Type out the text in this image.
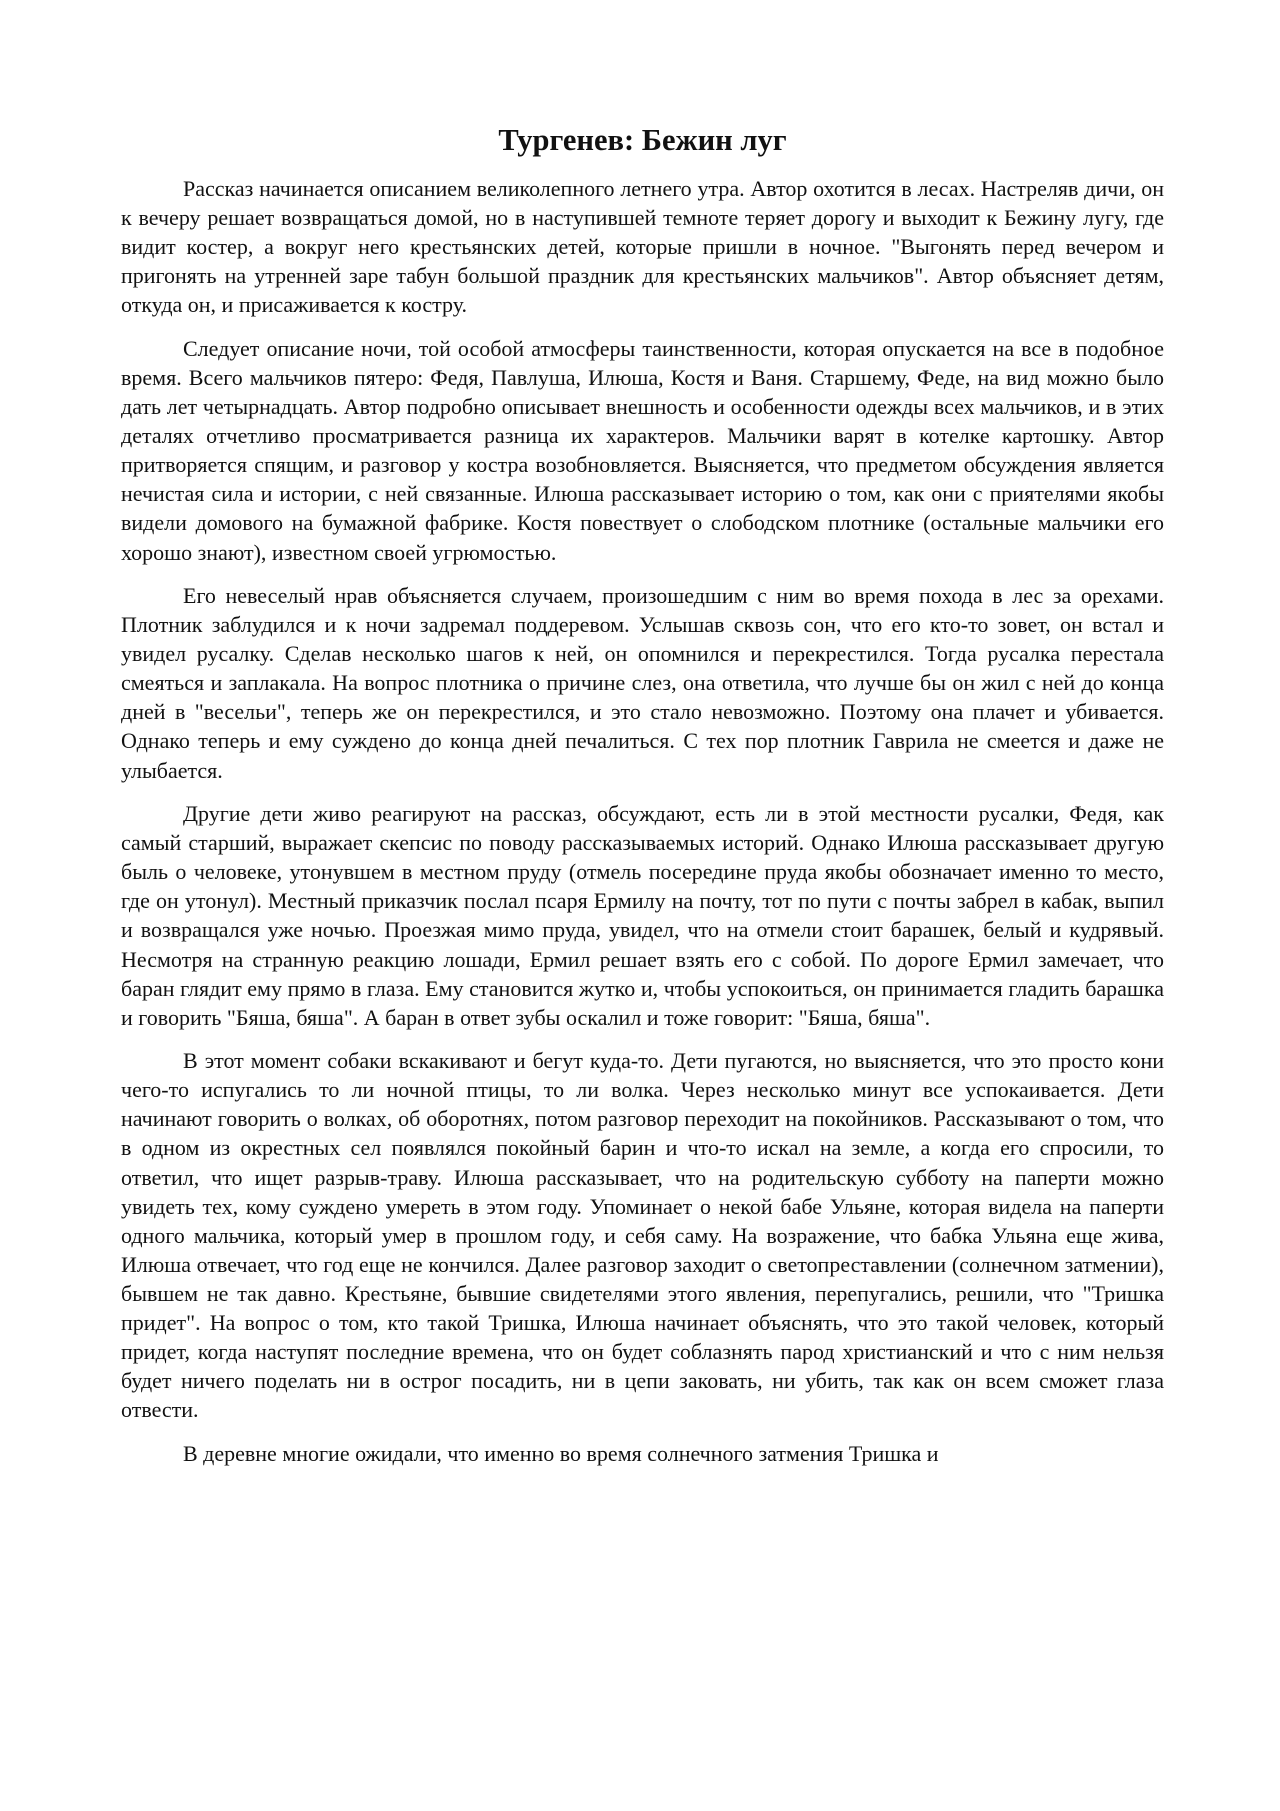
Тургенев: Бежин луг

Рассказ начинается описанием великолепного летнего утра. Автор охотится в лесах. Настреляв дичи, он к вечеру решает возвращаться домой, но в наступившей темноте теряет дорогу и выходит к Бежину лугу, где видит костер, а вокруг него крестьянских детей, которые пришли в ночное. "Выгонять перед вечером и пригонять на утренней заре табун большой праздник для крестьянских мальчиков". Автор объясняет детям, откуда он, и присаживается к костру.

Следует описание ночи, той особой атмосферы таинственности, которая опускается на все в подобное время. Всего мальчиков пятеро: Федя, Павлуша, Илюша, Костя и Ваня. Старшему, Феде, на вид можно было дать лет четырнадцать. Автор подробно описывает внешность и особенности одежды всех мальчиков, и в этих деталях отчетливо просматривается разница их характеров. Мальчики варят в котелке картошку. Автор притворяется спящим, и разговор у костра возобновляется. Выясняется, что предметом обсуждения является нечистая сила и истории, с ней связанные. Илюша рассказывает историю о том, как они с приятелями якобы видели домового на бумажной фабрике. Костя повествует о слободском плотнике (остальные мальчики его хорошо знают), известном своей угрюмостью.

Его невеселый нрав объясняется случаем, произошедшим с ним во время похода в лес за орехами. Плотник заблудился и к ночи задремал поддеревом. Услышав сквозь сон, что его кто-то зовет, он встал и увидел русалку. Сделав несколько шагов к ней, он опомнился и перекрестился. Тогда русалка перестала смеяться и заплакала. На вопрос плотника о причине слез, она ответила, что лучше бы он жил с ней до конца дней в "весельи", теперь же он перекрестился, и это стало невозможно. Поэтому она плачет и убивается. Однако теперь и ему суждено до конца дней печалиться. С тех пор плотник Гаврила не смеется и даже не улыбается.

Другие дети живо реагируют на рассказ, обсуждают, есть ли в этой местности русалки, Федя, как самый старший, выражает скепсис по поводу рассказываемых историй. Однако Илюша рассказывает другую быль о человеке, утонувшем в местном пруду (отмель посередине пруда якобы обозначает именно то место, где он утонул). Местный приказчик послал псаря Ермилу на почту, тот по пути с почты забрел в кабак, выпил и возвращался уже ночью. Проезжая мимо пруда, увидел, что на отмели стоит барашек, белый и кудрявый. Несмотря на странную реакцию лошади, Ермил решает взять его с собой. По дороге Ермил замечает, что баран глядит ему прямо в глаза. Ему становится жутко и, чтобы успокоиться, он принимается гладить барашка и говорить "Бяша, бяша". А баран в ответ зубы оскалил и тоже говорит: "Бяша, бяша".

В этот момент собаки вскакивают и бегут куда-то. Дети пугаются, но выясняется, что это просто кони чего-то испугались то ли ночной птицы, то ли волка. Через несколько минут все успокаивается. Дети начинают говорить о волках, об оборотнях, потом разговор переходит на покойников. Рассказывают о том, что в одном из окрестных сел появлялся покойный барин и что-то искал на земле, а когда его спросили, то ответил, что ищет разрыв-траву. Илюша рассказывает, что на родительскую субботу на паперти можно увидеть тех, кому суждено умереть в этом году. Упоминает о некой бабе Ульяне, которая видела на паперти одного мальчика, который умер в прошлом году, и себя саму. На возражение, что бабка Ульяна еще жива, Илюша отвечает, что год еще не кончился. Далее разговор заходит о светопреставлении (солнечном затмении), бывшем не так давно. Крестьяне, бывшие свидетелями этого явления, перепугались, решили, что "Тришка придет". На вопрос о том, кто такой Тришка, Илюша начинает объяснять, что это такой человек, который придет, когда наступят последние времена, что он будет соблазнять парод христианский и что с ним нельзя будет ничего поделать ни в острог посадить, ни в цепи заковать, ни убить, так как он всем сможет глаза отвести.

В деревне многие ожидали, что именно во время солнечного затмения Тришка и
